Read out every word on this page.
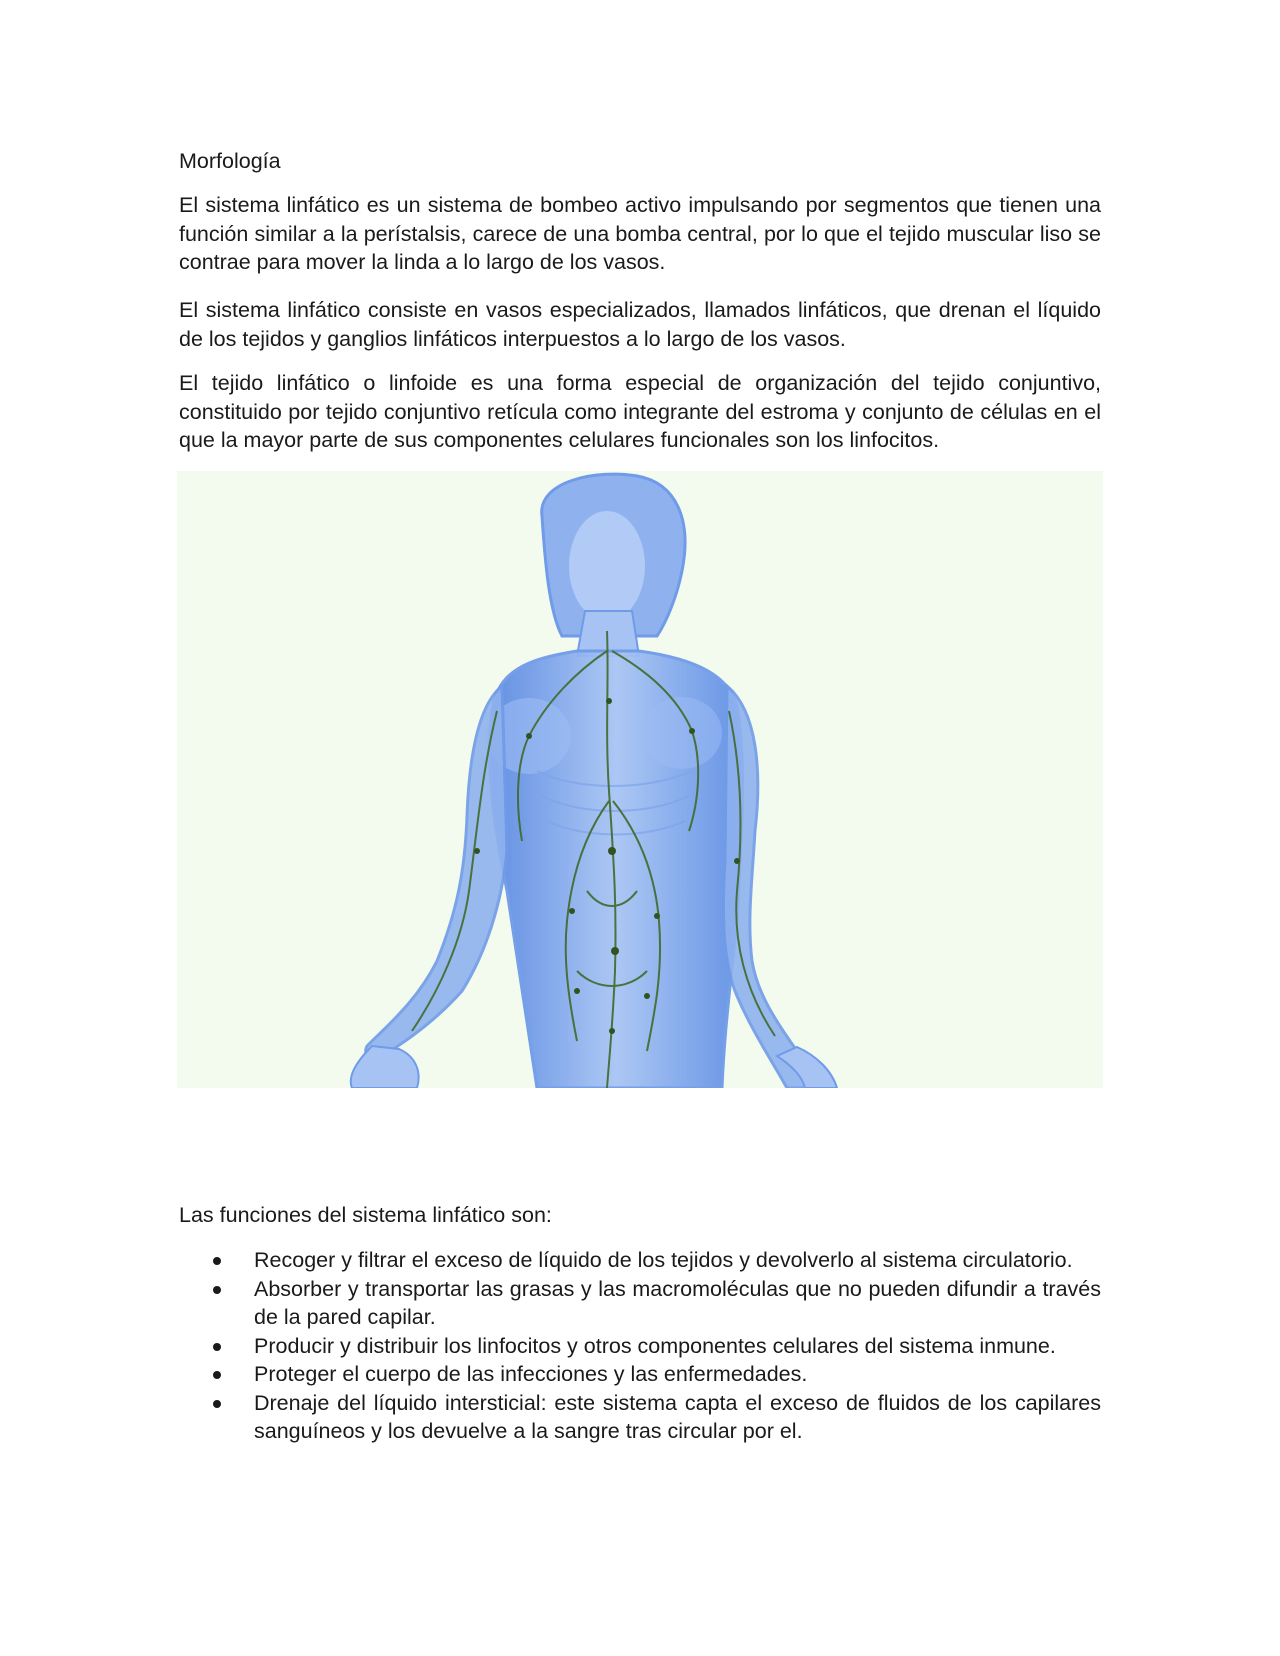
Morfología

El sistema linfático es un sistema de bombeo activo impulsando por segmentos que tienen una función similar a la perístalsis, carece de una bomba central, por lo que el tejido muscular liso se contrae para mover la linda a lo largo de los vasos.

El sistema linfático consiste en vasos especializados, llamados linfáticos, que drenan el líquido de los tejidos y ganglios linfáticos interpuestos a lo largo de los vasos.

El tejido linfático o linfoide es una forma especial de organización del tejido conjuntivo, constituido por tejido conjuntivo retícula como integrante del estroma y conjunto de células en el que la mayor parte de sus componentes celulares funcionales son los linfocitos.

Las funciones del sistema linfático son:
Recoger y filtrar el exceso de líquido de los tejidos y devolverlo al sistema circulatorio.
Absorber y transportar las grasas y las macromoléculas que no pueden difundir a través de la pared capilar.
Producir y distribuir los linfocitos y otros componentes celulares del sistema inmune.
Proteger el cuerpo de las infecciones y las enfermedades.
Drenaje del líquido intersticial: este sistema capta el exceso de fluidos de los capilares sanguíneos y los devuelve a la sangre tras circular por el.
